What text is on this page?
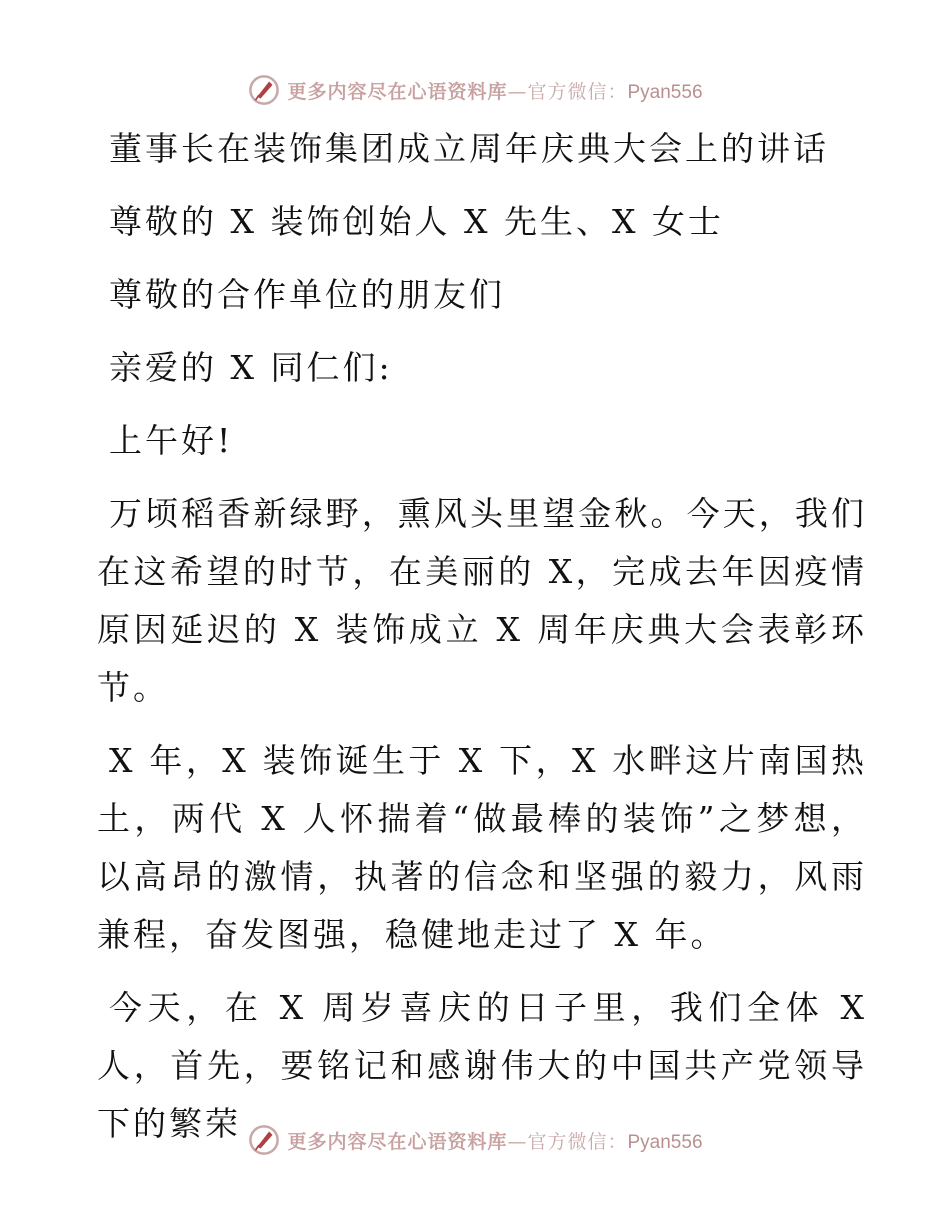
更多内容尽在心语资料库—官方微信：Pyan556
董事长在装饰集团成立周年庆典大会上的讲话
尊敬的 X 装饰创始人 X 先生、X 女士
尊敬的合作单位的朋友们
亲爱的 X 同仁们:
上午好!

万顷稻香新绿野，熏风头里望金秋。今天，我们在这希望的时节，在美丽的 X，完成去年因疫情原因延迟的 X 装饰成立 X 周年庆典大会表彰环节。

X 年，X 装饰诞生于 X 下，X 水畔这片南国热土，两代 X 人怀揣着“做最棒的装饰”之梦想，以高昂的激情，执著的信念和坚强的毅力，风雨兼程，奋发图强，稳健地走过了 X 年。

今天，在 X 周岁喜庆的日子里，我们全体 X 人，首先，要铭记和感谢伟大的中国共产党领导下的繁荣	更多内容尽在心语资料库—官方微信：Pyan556
